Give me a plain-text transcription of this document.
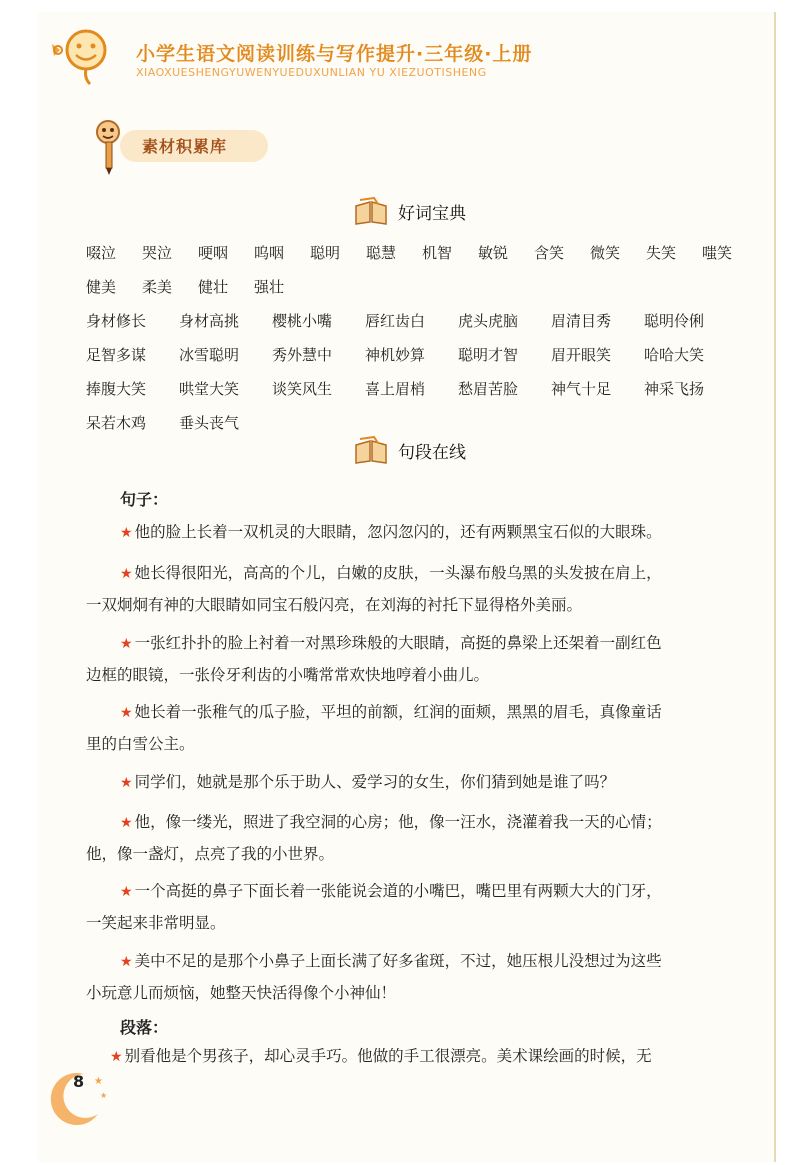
小学生语文阅读训练与写作提升·三年级·上册
XIAOXUESHENGYUWENYUEDUXUNLIAN YU XIEZUOTISHENG
素材积累库
好词宝典
啜泣	哭泣	哽咽	呜咽	聪明	聪慧	机智	敏锐	含笑	微笑	失笑	嗤笑
健美	柔美	健壮	强壮
身材修长	身材高挑	樱桃小嘴	唇红齿白	虎头虎脑	眉清目秀	聪明伶俐
足智多谋	冰雪聪明	秀外慧中	神机妙算	聪明才智	眉开眼笑	哈哈大笑
捧腹大笑	哄堂大笑	谈笑风生	喜上眉梢	愁眉苦脸	神气十足	神采飞扬
呆若木鸡	垂头丧气
句段在线
句子：
★ 他的脸上长着一双机灵的大眼睛，忽闪忽闪的，还有两颗黑宝石似的大眼珠。
★ 她长得很阳光，高高的个儿，白嫩的皮肤，一头瀑布般乌黑的头发披在肩上，
一双炯炯有神的大眼睛如同宝石般闪亮，在刘海的衬托下显得格外美丽。
★ 一张红扑扑的脸上衬着一对黑珍珠般的大眼睛，高挺的鼻梁上还架着一副红色
边框的眼镜，一张伶牙利齿的小嘴常常欢快地哼着小曲儿。
★ 她长着一张稚气的瓜子脸，平坦的前额，红润的面颊，黑黑的眉毛，真像童话
里的白雪公主。
★ 同学们，她就是那个乐于助人、爱学习的女生，你们猜到她是谁了吗？
★ 他，像一缕光，照进了我空洞的心房；他，像一汪水，浇灌着我一天的心情；
他，像一盏灯，点亮了我的小世界。
★ 一个高挺的鼻子下面长着一张能说会道的小嘴巴，嘴巴里有两颗大大的门牙，
一笑起来非常明显。
★ 美中不足的是那个小鼻子上面长满了好多雀斑，不过，她压根儿没想过为这些
小玩意儿而烦恼，她整天快活得像个小神仙！
段落：
★ 别看他是个男孩子，却心灵手巧。他做的手工很漂亮。美术课绘画的时候，无
★
★
8
